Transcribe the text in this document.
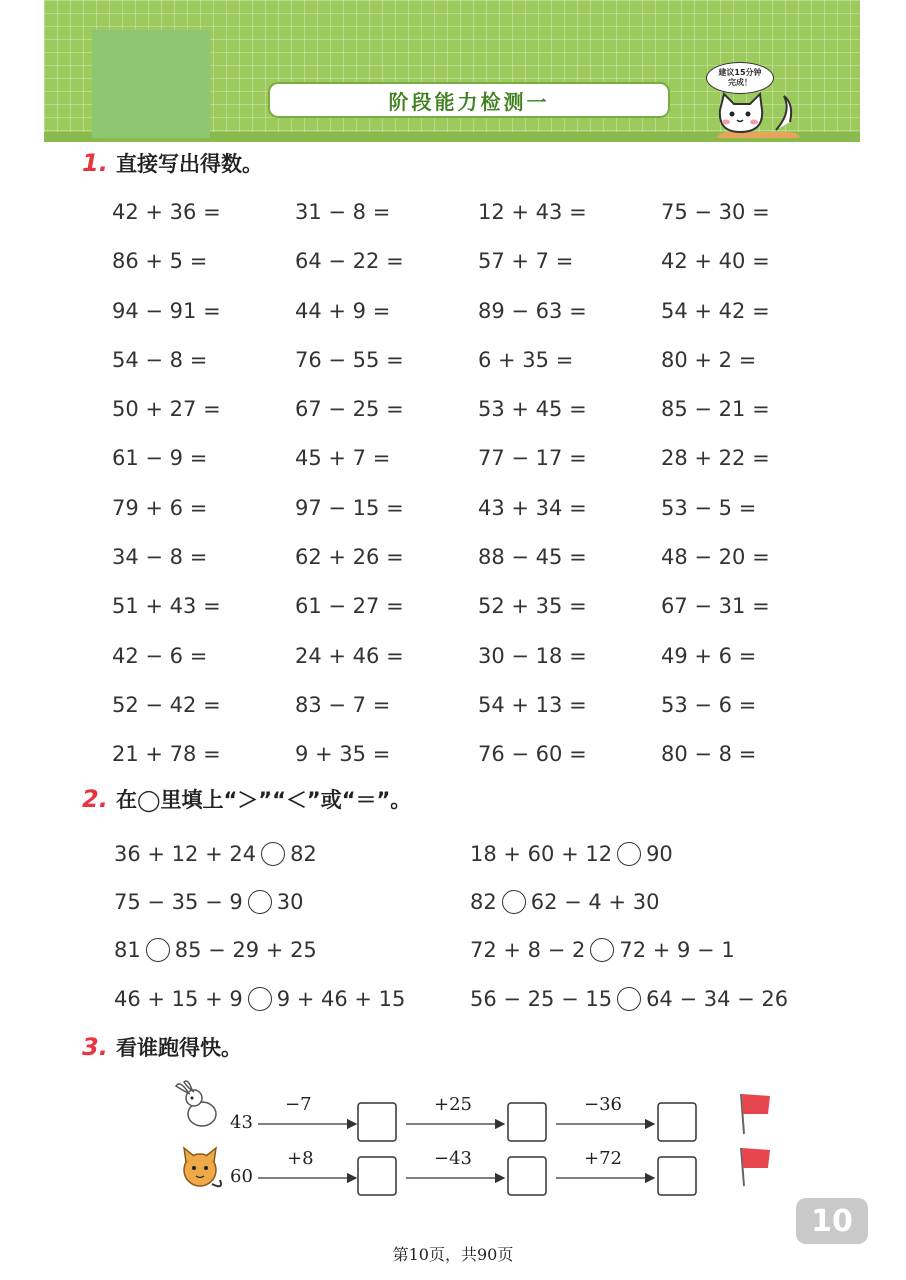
阶段能力检测一
建议15分钟
完成！
1. 直接写出得数。
42 + 36 =	31 − 8 =	12 + 43 =	75 − 30 =
86 + 5 =	64 − 22 =	57 + 7 =	42 + 40 =
94 − 91 =	44 + 9 =	89 − 63 =	54 + 42 =
54 − 8 =	76 − 55 =	6 + 35 =	80 + 2 =
50 + 27 =	67 − 25 =	53 + 45 =	85 − 21 =
61 − 9 =	45 + 7 =	77 − 17 =	28 + 22 =
79 + 6 =	97 − 15 =	43 + 34 =	53 − 5 =
34 − 8 =	62 + 26 =	88 − 45 =	48 − 20 =
51 + 43 =	61 − 27 =	52 + 35 =	67 − 31 =
42 − 6 =	24 + 46 =	30 − 18 =	49 + 6 =
52 − 42 =	83 − 7 =	54 + 13 =	53 − 6 =
21 + 78 =	9 + 35 =	76 − 60 =	80 − 8 =
2. 在◯里填上“＞”“＜”或“＝”。
36 + 12 + 24 82	18 + 60 + 12 90
75 − 35 − 9 30	82 62 − 4 + 30
81 85 − 29 + 25	72 + 8 − 2 72 + 9 − 1
46 + 15 + 9 9 + 46 + 15	56 − 25 − 15 64 − 34 − 26
3. 看谁跑得快。
43
−7	+25	−36
60
+8	−43	+72
10
第10页，共90页
